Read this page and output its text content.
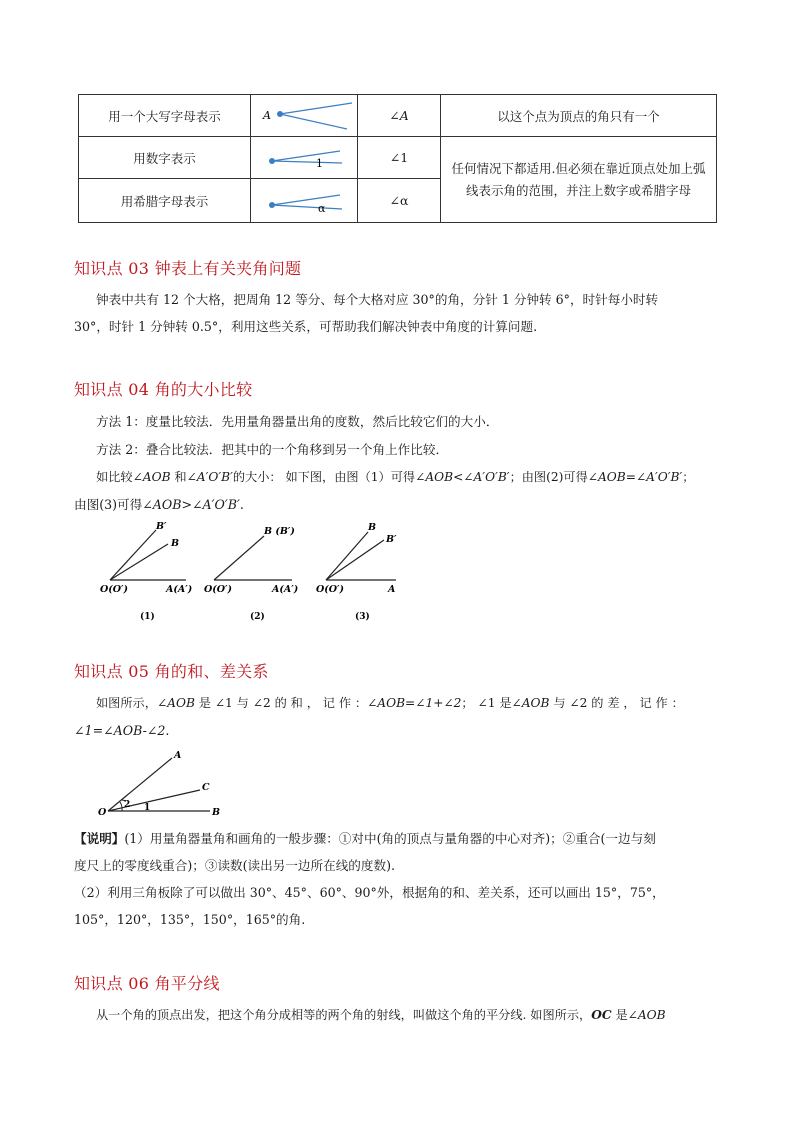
用一个大写字母表示	A	∠A	以这个点为顶点的角只有一个
用数字表示	1	∠1	任何情况下都适用.但必须在靠近顶点处加上弧线表示角的范围，并注上数字或希腊字母
用希腊字母表示	α	∠α	
知识点 03 钟表上有关夹角问题
钟表中共有 12 个大格，把周角 12 等分、每个大格对应 30°的角，分针 1 分钟转 6°，时针每小时转
30°，时针 1 分钟转 0.5°，利用这些关系，可帮助我们解决钟表中角度的计算问题.
知识点 04 角的大小比较
方法 1：度量比较法．先用量角器量出角的度数，然后比较它们的大小．
方法 2：叠合比较法．把其中的一个角移到另一个角上作比较．
如比较∠AOB 和∠A′O′B′的大小： 如下图，由图（1）可得∠AOB<∠A′O′B′；由图(2)可得∠AOB=∠A′O′B′；
由图(3)可得∠AOB>∠A′O′B′.
B′
B
O(O′)	A(A′)
(1)
B (B′)
O(O′)	A(A′)
(2)
B
B′
O(O′)	A
(3)
知识点 05 角的和、差关系
如图所示，∠AOB 是 ∠1 与 ∠2 的 和 ， 记 作 ：∠AOB=∠1+∠2； ∠1 是∠AOB 与 ∠2 的 差 ， 记 作 ：
∠1=∠AOB-∠2.
A
C
B
O	1
2
【说明】(1）用量角器量角和画角的一般步骤：①对中(角的顶点与量角器的中心对齐)；②重合(一边与刻
度尺上的零度线重合)；③读数(读出另一边所在线的度数).
（2）利用三角板除了可以做出 30°、45°、60°、90°外，根据角的和、差关系，还可以画出 15°，75°，
105°，120°，135°，150°，165°的角.
知识点 06 角平分线
从一个角的顶点出发，把这个角分成相等的两个角的射线，叫做这个角的平分线. 如图所示，OC 是∠AOB
